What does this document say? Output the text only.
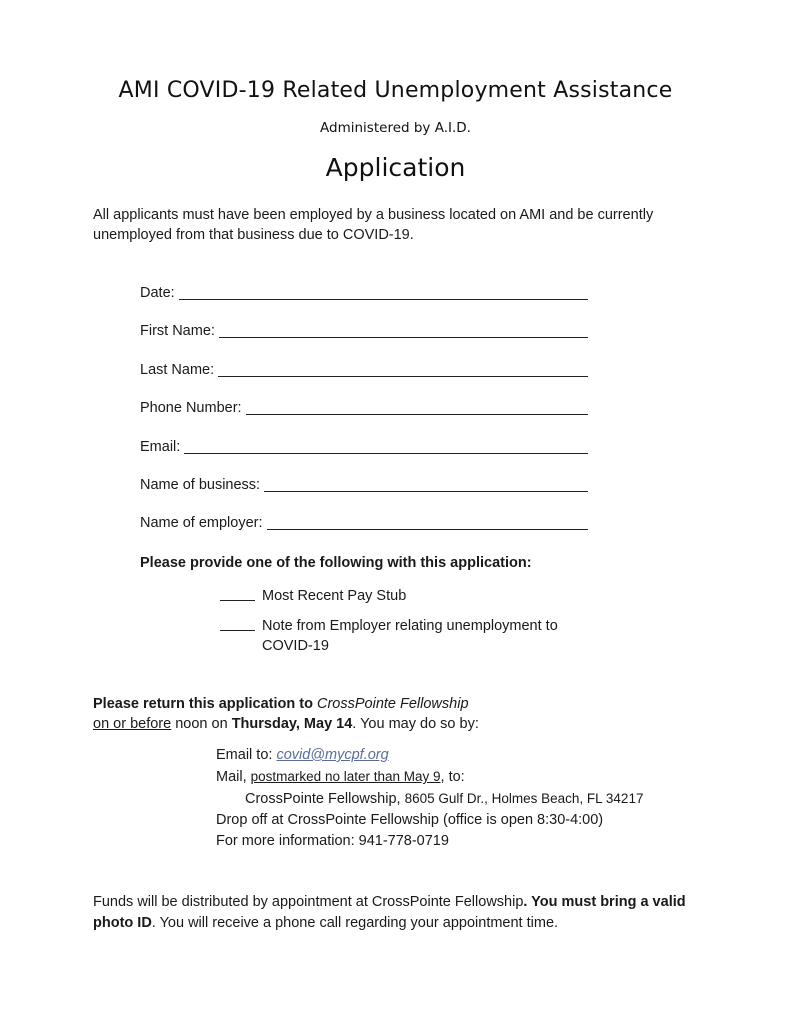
AMI COVID-19 Related Unemployment Assistance
Administered by A.I.D.
Application

All applicants must have been employed by a business located on AMI and be currently unemployed from that business due to COVID-19.

Date:
First Name:
Last Name:
Phone Number:
Email:
Name of business:
Name of employer:

Please provide one of the following with this application:

Most Recent Pay Stub
Note from Employer relating unemployment to COVID-19

Please return this application to CrossPointe Fellowship
on or before noon on Thursday, May 14. You may do so by:

Email to: covid@mycpf.org
Mail, postmarked no later than May 9, to:
CrossPointe Fellowship, 8605 Gulf Dr., Holmes Beach, FL 34217
Drop off at CrossPointe Fellowship (office is open 8:30-4:00)
For more information: 941-778-0719

Funds will be distributed by appointment at CrossPointe Fellowship. You must bring a valid photo ID. You will receive a phone call regarding your appointment time.
